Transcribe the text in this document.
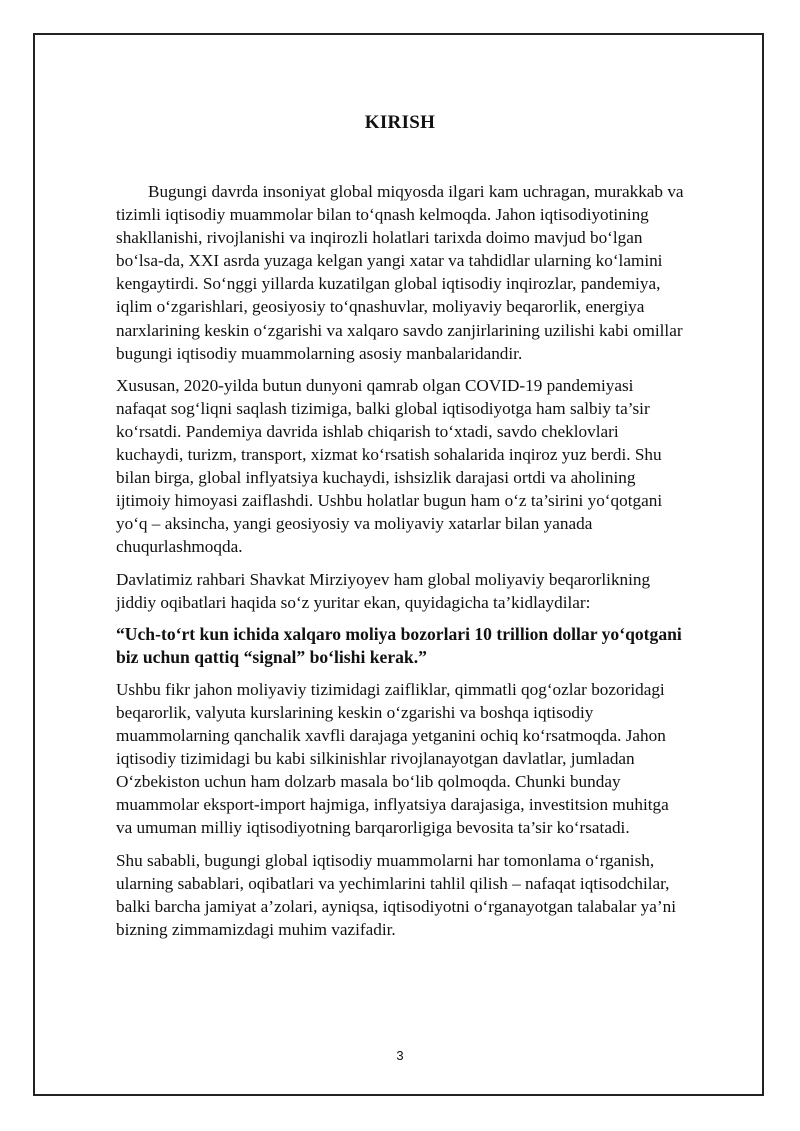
KIRISH

Bugungi davrda insoniyat global miqyosda ilgari kam uchragan, murakkab va tizimli iqtisodiy muammolar bilan to‘qnash kelmoqda. Jahon iqtisodiyotining shakllanishi, rivojlanishi va inqirozli holatlari tarixda doimo mavjud bo‘lgan bo‘lsa-da, XXI asrda yuzaga kelgan yangi xatar va tahdidlar ularning ko‘lamini kengaytirdi. So‘nggi yillarda kuzatilgan global iqtisodiy inqirozlar, pandemiya, iqlim o‘zgarishlari, geosiyosiy to‘qnashuvlar, moliyaviy beqarorlik, energiya narxlarining keskin o‘zgarishi va xalqaro savdo zanjirlarining uzilishi kabi omillar bugungi iqtisodiy muammolarning asosiy manbalaridandir.

Xususan, 2020-yilda butun dunyoni qamrab olgan COVID-19 pandemiyasi nafaqat sog‘liqni saqlash tizimiga, balki global iqtisodiyotga ham salbiy ta’sir ko‘rsatdi. Pandemiya davrida ishlab chiqarish to‘xtadi, savdo cheklovlari kuchaydi, turizm, transport, xizmat ko‘rsatish sohalarida inqiroz yuz berdi. Shu bilan birga, global inflyatsiya kuchaydi, ishsizlik darajasi ortdi va aholining ijtimoiy himoyasi zaiflashdi. Ushbu holatlar bugun ham o‘z ta’sirini yo‘qotgani yo‘q – aksincha, yangi geosiyosiy va moliyaviy xatarlar bilan yanada chuqurlashmoqda.

Davlatimiz rahbari Shavkat Mirziyoyev ham global moliyaviy beqarorlikning jiddiy oqibatlari haqida so‘z yuritar ekan, quyidagicha ta’kidlaydilar:

“Uch-to‘rt kun ichida xalqaro moliya bozorlari 10 trillion dollar yo‘qotgani biz uchun qattiq “signal” bo‘lishi kerak.”

Ushbu fikr jahon moliyaviy tizimidagi zaifliklar, qimmatli qog‘ozlar bozoridagi beqarorlik, valyuta kurslarining keskin o‘zgarishi va boshqa iqtisodiy muammolarning qanchalik xavfli darajaga yetganini ochiq ko‘rsatmoqda. Jahon iqtisodiy tizimidagi bu kabi silkinishlar rivojlanayotgan davlatlar, jumladan O‘zbekiston uchun ham dolzarb masala bo‘lib qolmoqda. Chunki bunday muammolar eksport-import hajmiga, inflyatsiya darajasiga, investitsion muhitga va umuman milliy iqtisodiyotning barqarorligiga bevosita ta’sir ko‘rsatadi.

Shu sababli, bugungi global iqtisodiy muammolarni har tomonlama o‘rganish, ularning sabablari, oqibatlari va yechimlarini tahlil qilish – nafaqat iqtisodchilar, balki barcha jamiyat a’zolari, ayniqsa, iqtisodiyotni o‘rganayotgan talabalar ya’ni bizning zimmamizdagi muhim vazifadir.

3
